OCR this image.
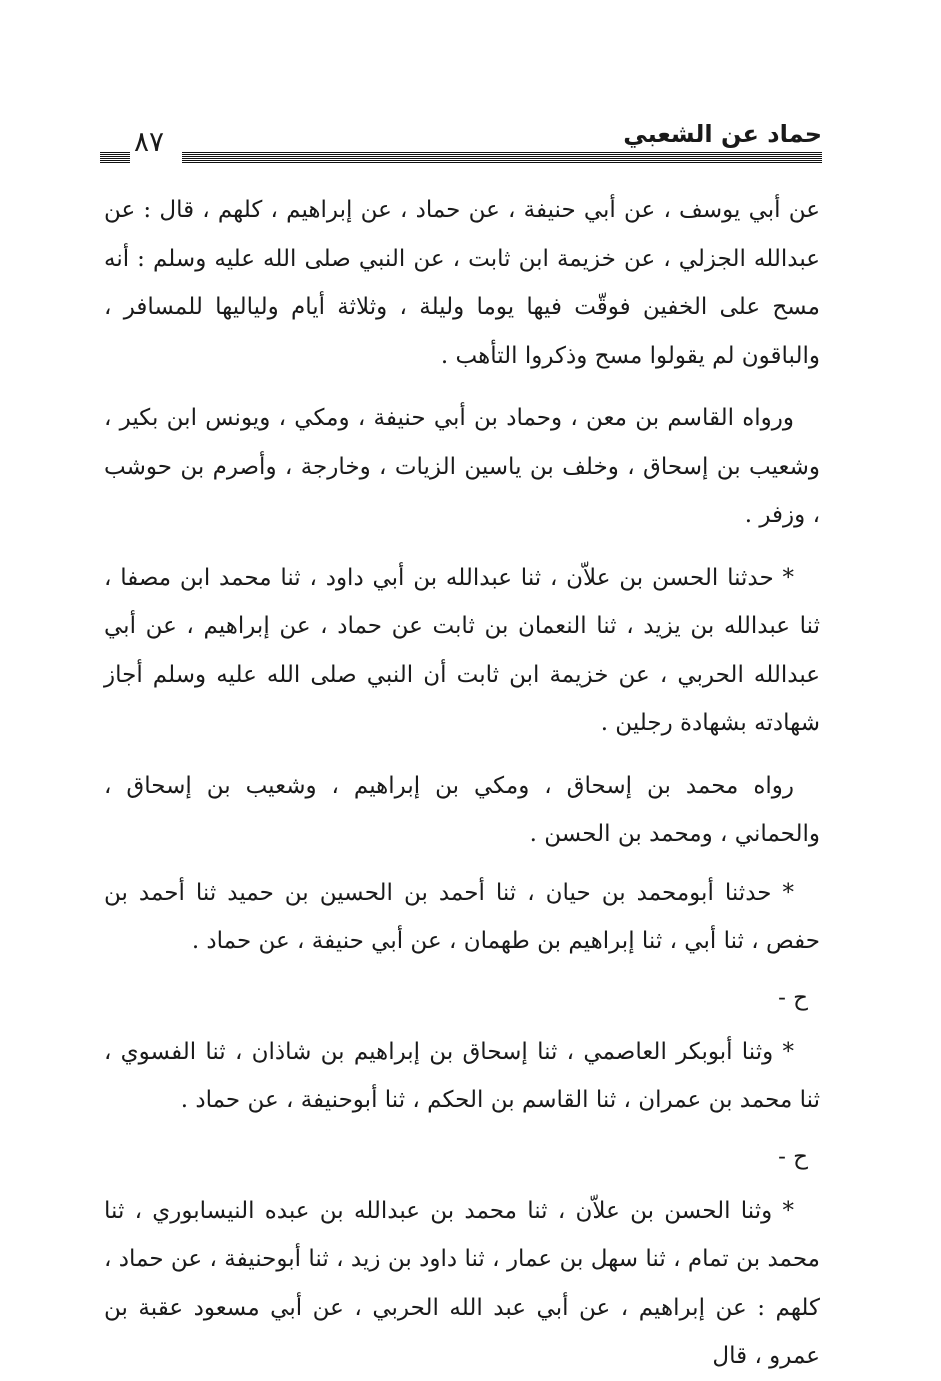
حماد عن الشعبي
٨٧

عن أبي يوسف ، عن أبي حنيفة ، عن حماد ، عن إبراهيم ، كلهم ، قال : عن عبدالله الجزلي ، عن خزيمة ابن ثابت ، عن النبي صلى الله عليه وسلم : أنه مسح على الخفين فوقّت فيها يوما وليلة ، وثلاثة أيام ولياليها للمسافر ، والباقون لم يقولوا مسح وذكروا التأهب .

ورواه القاسم بن معن ، وحماد بن أبي حنيفة ، ومكي ، ويونس ابن بكير ، وشعيب بن إسحاق ، وخلف بن ياسين الزيات ، وخارجة ، وأصرم بن حوشب ، وزفر .

* حدثنا الحسن بن علاّن ، ثنا عبدالله بن أبي داود ، ثنا محمد ابن مصفا ، ثنا عبدالله بن يزيد ، ثنا النعمان بن ثابت عن حماد ، عن إبراهيم ، عن أبي عبدالله الحربي ، عن خزيمة ابن ثابت أن النبي صلى الله عليه وسلم أجاز شهادته بشهادة رجلين .

رواه محمد بن إسحاق ، ومكي بن إبراهيم ، وشعيب بن إسحاق ، والحماني ، ومحمد بن الحسن .

* حدثنا أبومحمد بن حيان ، ثنا أحمد بن الحسين بن حميد ثنا أحمد بن حفص ، ثنا أبي ، ثنا إبراهيم بن طهمان ، عن أبي حنيفة ، عن حماد .

ح -

* وثنا أبوبكر العاصمي ، ثنا إسحاق بن إبراهيم بن شاذان ، ثنا الفسوي ، ثنا محمد بن عمران ، ثنا القاسم بن الحكم ، ثنا أبوحنيفة ، عن حماد .

ح -

* وثنا الحسن بن علاّن ، ثنا محمد بن عبدالله بن عبده النيسابوري ، ثنا محمد بن تمام ، ثنا سهل بن عمار ، ثنا داود بن زيد ، ثنا أبوحنيفة ، عن حماد ، كلهم : عن إبراهيم ، عن أبي عبد الله الحربي ، عن أبي مسعود عقبة بن عمرو ، قال
